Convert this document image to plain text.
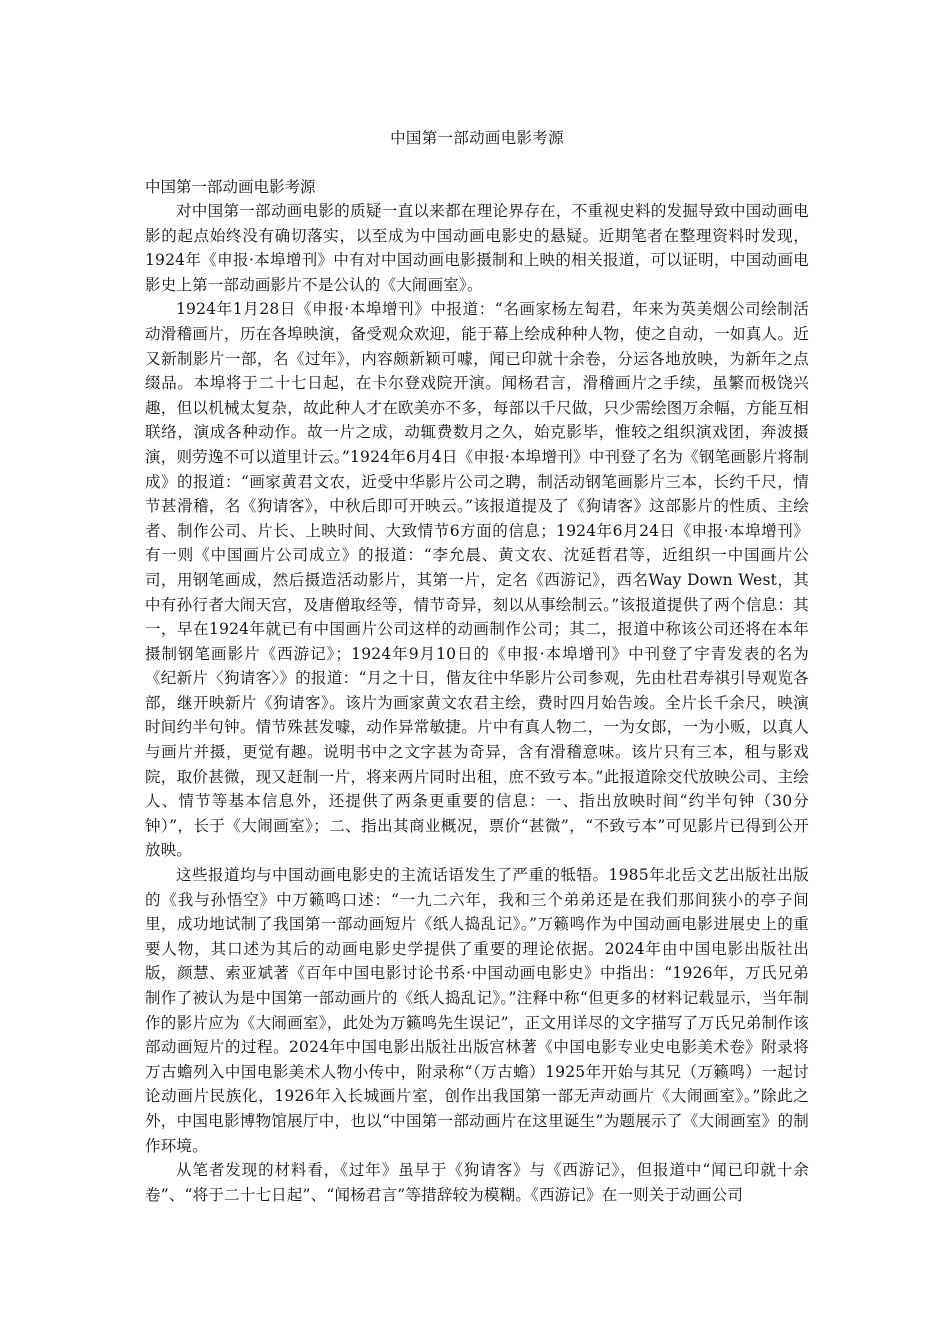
中国第一部动画电影考源
中国第一部动画电影考源

对中国第一部动画电影的质疑一直以来都在理论界存在，不重视史料的发掘导致中国动画电影的起点始终没有确切落实，以至成为中国动画电影史的悬疑。近期笔者在整理资料时发现，1924年《申报·本埠增刊》中有对中国动画电影摄制和上映的相关报道，可以证明，中国动画电影史上第一部动画影片不是公认的《大闹画室》。

1924年1月28日《申报·本埠增刊》中报道：“名画家杨左匋君，年来为英美烟公司绘制活动滑稽画片，历在各埠映演，备受观众欢迎，能于幕上绘成种种人物，使之自动，一如真人。近又新制影片一部，名《过年》，内容颇新颖可噱，闻已印就十余卷，分运各地放映，为新年之点缀品。本埠将于二十七日起，在卡尔登戏院开演。闻杨君言，滑稽画片之手续，虽繁而极饶兴趣，但以机械太复杂，故此种人才在欧美亦不多，每部以千尺做，只少需绘图万余幅，方能互相联络，演成各种动作。故一片之成，动辄费数月之久，始克影毕，惟较之组织演戏团，奔波摄演，则劳逸不可以道里计云。”1924年6月4日《申报·本埠增刊》中刊登了名为《钢笔画影片将制成》的报道：“画家黄君文农，近受中华影片公司之聘，制活动钢笔画影片三本，长约千尺，情节甚滑稽，名《狗请客》，中秋后即可开映云。”该报道提及了《狗请客》这部影片的性质、主绘者、制作公司、片长、上映时间、大致情节6方面的信息；1924年6月24日《申报·本埠增刊》有一则《中国画片公司成立》的报道：“李允晨、黄文农、沈延哲君等，近组织一中国画片公司，用钢笔画成，然后摄造活动影片，其第一片，定名《西游记》，西名Way Down West，其中有孙行者大闹天宫，及唐僧取经等，情节奇异，刻以从事绘制云。”该报道提供了两个信息：其一，早在1924年就已有中国画片公司这样的动画制作公司；其二，报道中称该公司还将在本年摄制钢笔画影片《西游记》；1924年9月10日的《申报·本埠增刊》中刊登了宇青发表的名为《纪新片〈狗请客〉》的报道：“月之十日，偕友往中华影片公司参观，先由杜君寿祺引导观览各部，继开映新片《狗请客》。该片为画家黄文农君主绘，费时四月始告竣。全片长千余尺，映演时间约半句钟。情节殊甚发噱，动作异常敏捷。片中有真人物二，一为女郎，一为小贩，以真人与画片并摄，更觉有趣。说明书中之文字甚为奇异，含有滑稽意味。该片只有三本，租与影戏院，取价甚微，现又赶制一片，将来两片同时出租，庶不致亏本。”此报道除交代放映公司、主绘人、情节等基本信息外，还提供了两条更重要的信息：一、指出放映时间“约半句钟（30分钟）”，长于《大闹画室》；二、指出其商业概况，票价“甚微”，“不致亏本”可见影片已得到公开放映。

这些报道均与中国动画电影史的主流话语发生了严重的牴牾。1985年北岳文艺出版社出版的《我与孙悟空》中万籁鸣口述：“一九二六年，我和三个弟弟还是在我们那间狭小的亭子间里，成功地试制了我国第一部动画短片《纸人捣乱记》。”万籁鸣作为中国动画电影进展史上的重要人物，其口述为其后的动画电影史学提供了重要的理论依据。2024年由中国电影出版社出版，颜慧、索亚斌著《百年中国电影讨论书系·中国动画电影史》中指出：“1926年，万氏兄弟制作了被认为是中国第一部动画片的《纸人捣乱记》。”注释中称“但更多的材料记载显示，当年制作的影片应为《大闹画室》，此处为万籁鸣先生误记”，正文用详尽的文字描写了万氏兄弟制作该部动画短片的过程。2024年中国电影出版社出版宫林著《中国电影专业史电影美术卷》附录将万古蟾列入中国电影美术人物小传中，附录称“（万古蟾）1925年开始与其兄（万籁鸣）一起讨论动画片民族化，1926年入长城画片室，创作出我国第一部无声动画片《大闹画室》。”除此之外，中国电影博物馆展厅中，也以“中国第一部动画片在这里诞生”为题展示了《大闹画室》的制作环境。

从笔者发现的材料看，《过年》虽早于《狗请客》与《西游记》，但报道中“闻已印就十余卷”、“将于二十七日起”、“闻杨君言”等措辞较为模糊。《西游记》在一则关于动画公司
